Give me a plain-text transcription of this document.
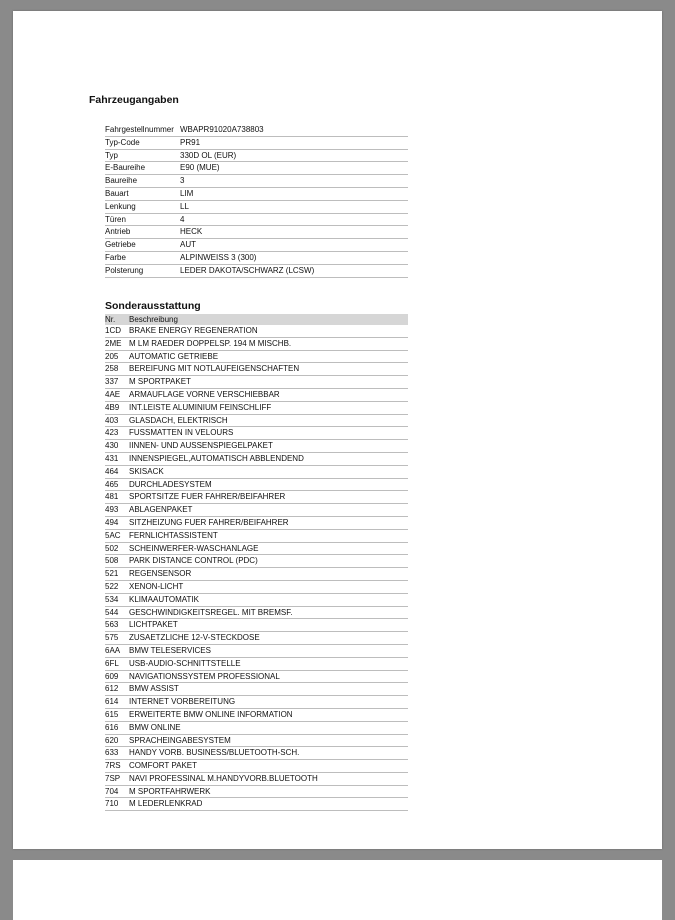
Fahrzeugangaben
Fahrgestellnummer WBAPR91020A738803
Typ-Code	PR91
Typ	330D OL (EUR)
E-Baureihe	E90 (MUE)
Baureihe	3
Bauart	LIM
Lenkung	LL
Türen	4
Antrieb	HECK
Getriebe	AUT
Farbe	ALPINWEISS 3 (300)
Polsterung	LEDER DAKOTA/SCHWARZ (LCSW)
Sonderausstattung
Nr.	Beschreibung
1CD BRAKE ENERGY REGENERATION
2ME M LM RAEDER DOPPELSP. 194 M MISCHB.
205	AUTOMATIC GETRIEBE
258	BEREIFUNG MIT NOTLAUFEIGENSCHAFTEN
337	M SPORTPAKET
4AE	ARMAUFLAGE VORNE VERSCHIEBBAR
4B9	INT.LEISTE ALUMINIUM FEINSCHLIFF
403	GLASDACH, ELEKTRISCH
423	FUSSMATTEN IN VELOURS
430	IINNEN- UND AUSSENSPIEGELPAKET
431	INNENSPIEGEL,AUTOMATISCH ABBLENDEND
464	SKISACK
465	DURCHLADESYSTEM
481	SPORTSITZE FUER FAHRER/BEIFAHRER
493	ABLAGENPAKET
494	SITZHEIZUNG FUER FAHRER/BEIFAHRER
5AC	FERNLICHTASSISTENT
502	SCHEINWERFER-WASCHANLAGE
508	PARK DISTANCE CONTROL (PDC)
521	REGENSENSOR
522	XENON-LICHT
534	KLIMAAUTOMATIK
544	GESCHWINDIGKEITSREGEL. MIT BREMSF.
563	LICHTPAKET
575	ZUSAETZLICHE 12-V-STECKDOSE
6AA	BMW TELESERVICES
6FL	USB-AUDIO-SCHNITTSTELLE
609	NAVIGATIONSSYSTEM PROFESSIONAL
612	BMW ASSIST
614	INTERNET VORBEREITUNG
615	ERWEITERTE BMW ONLINE INFORMATION
616	BMW ONLINE
620	SPRACHEINGABESYSTEM
633	HANDY VORB. BUSINESS/BLUETOOTH-SCH.
7RS	COMFORT PAKET
7SP	NAVI PROFESSINAL M.HANDYVORB.BLUETOOTH
704	M SPORTFAHRWERK
710	M LEDERLENKRAD
